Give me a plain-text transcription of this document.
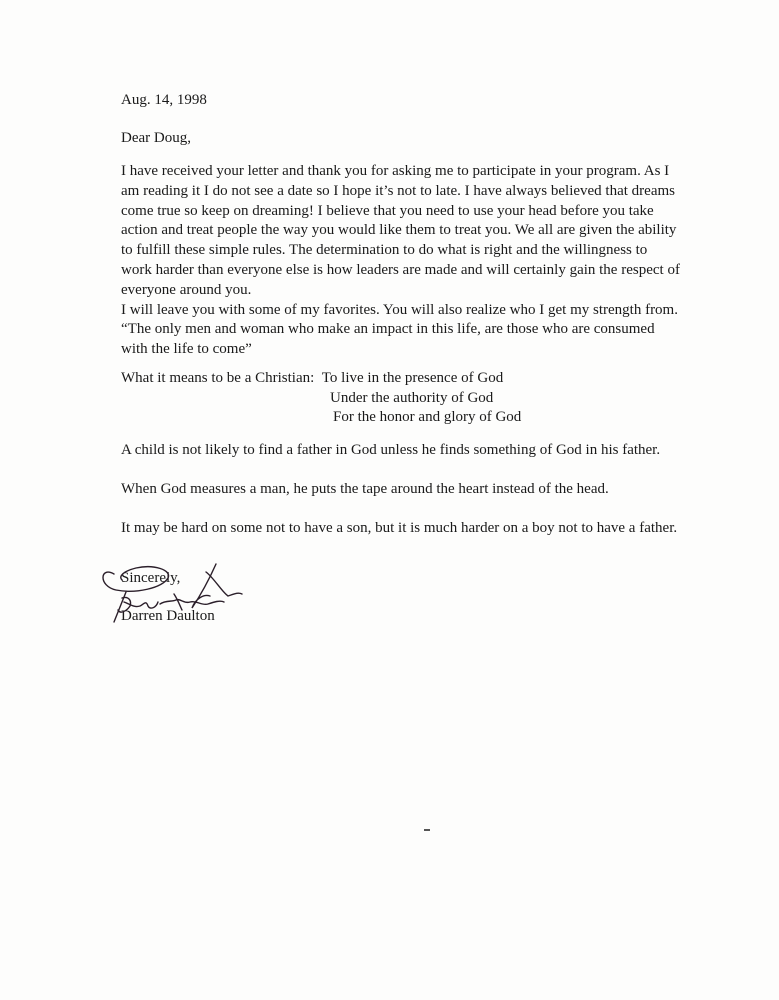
Aug. 14, 1998
Dear Doug,

I have received your letter and thank you for asking me to participate in your program. As I am reading it I do not see a date so I hope it’s not to late. I have always believed that dreams come true so keep on dreaming! I believe that you need to use your head before you take action and treat people the way you would like them to treat you. We all are given the ability to fulfill these simple rules. The determination to do what is right and the willingness to work harder than everyone else is how leaders are made and will certainly gain the respect of everyone around you.

I will leave you with some of my favorites. You will also realize who I get my strength from.

“The only men and woman who make an impact in this life, are those who are consumed with the life to come”

What it means to be a Christian: To live in the presence of God
Under the authority of God
For the honor and glory of God

A child is not likely to find a father in God unless he finds something of God in his father.

When God measures a man, he puts the tape around the heart instead of the head.

It may be hard on some not to have a son, but it is much harder on a boy not to have a father.

Sincerely,
Darren Daulton
